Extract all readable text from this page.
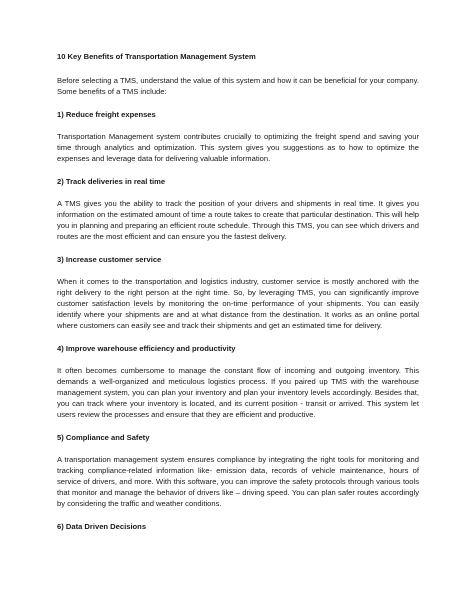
10 Key Benefits of Transportation Management System

Before selecting a TMS, understand the value of this system and how it can be beneficial for your company. Some benefits of a TMS include:

1) Reduce freight expenses

Transportation Management system contributes crucially to optimizing the freight spend and saving your time through analytics and optimization. This system gives you suggestions as to how to optimize the expenses and leverage data for delivering valuable information.

2) Track deliveries in real time

A TMS gives you the ability to track the position of your drivers and shipments in real time. It gives you information on the estimated amount of time a route takes to create that particular destination. This will help you in planning and preparing an efficient route schedule. Through this TMS, you can see which drivers and routes are the most efficient and can ensure you the fastest delivery.

3) Increase customer service

When it comes to the transportation and logistics industry, customer service is mostly anchored with the right delivery to the right person at the right time. So, by leveraging TMS, you can significantly improve customer satisfaction levels by monitoring the on-time performance of your shipments. You can easily identify where your shipments are and at what distance from the destination. It works as an online portal where customers can easily see and track their shipments and get an estimated time for delivery.

4) Improve warehouse efficiency and productivity

It often becomes cumbersome to manage the constant flow of incoming and outgoing inventory. This demands a well-organized and meticulous logistics process. If you paired up TMS with the warehouse management system, you can plan your inventory and plan your inventory levels accordingly. Besides that, you can track where your inventory is located, and its current position - transit or arrived. This system let users review the processes and ensure that they are efficient and productive.

5) Compliance and Safety

A transportation management system ensures compliance by integrating the right tools for monitoring and tracking compliance-related information like- emission data, records of vehicle maintenance, hours of service of drivers, and more. With this software, you can improve the safety protocols through various tools that monitor and manage the behavior of drivers like – driving speed. You can plan safer routes accordingly by considering the traffic and weather conditions.

6) Data Driven Decisions
